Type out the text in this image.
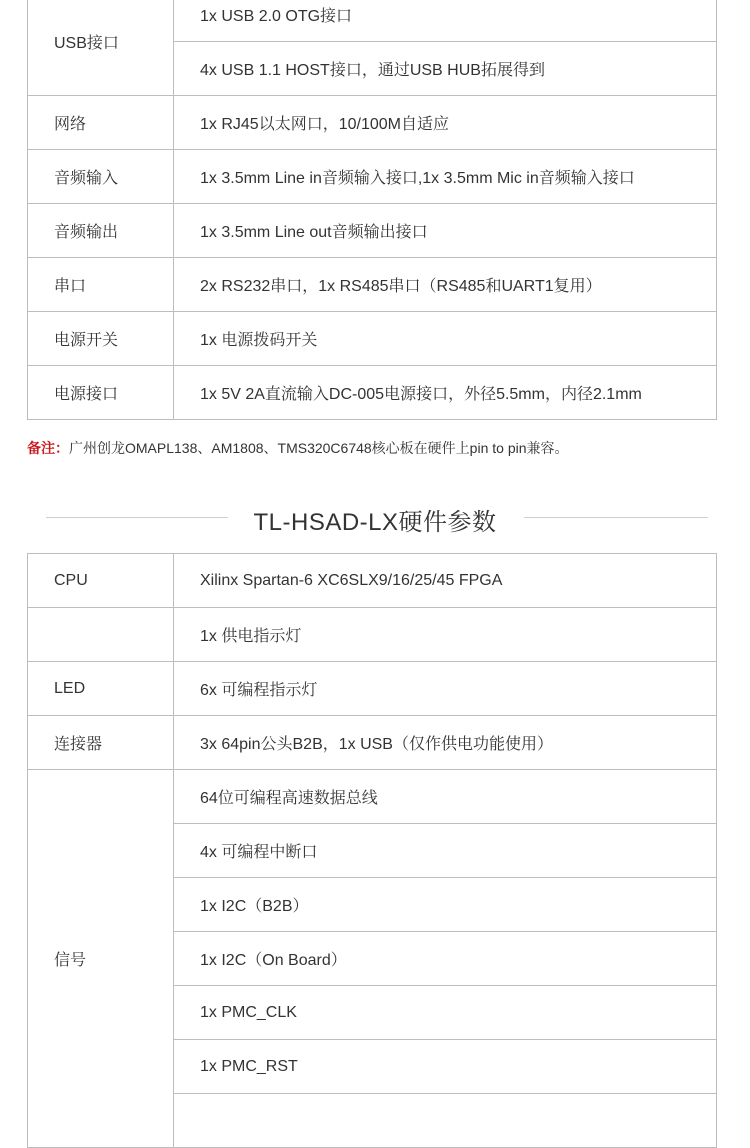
USB接口	1x USB 2.0 OTG接口
	4x USB 1.1 HOST接口，通过USB HUB拓展得到
网络	1x RJ45以太网口，10/100M自适应
音频输入	1x 3.5mm Line in音频输入接口,1x 3.5mm Mic in音频输入接口
音频输出	1x 3.5mm Line out音频输出接口
串口	2x RS232串口，1x RS485串口（RS485和UART1复用）
电源开关	1x 电源拨码开关
电源接口	1x 5V 2A直流输入DC-005电源接口，外径5.5mm，内径2.1mm
备注：广州创龙OMAPL138、AM1808、TMS320C6748核心板在硬件上pin to pin兼容。
TL-HSAD-LX硬件参数
CPU	Xilinx Spartan-6 XC6SLX9/16/25/45 FPGA
	1x 供电指示灯
LED	6x 可编程指示灯
连接器	3x 64pin公头B2B，1x USB（仅作供电功能使用）
信号	64位可编程高速数据总线
	4x 可编程中断口
	1x I2C（B2B）
	1x I2C（On Board）
	1x PMC_CLK
	1x PMC_RST
